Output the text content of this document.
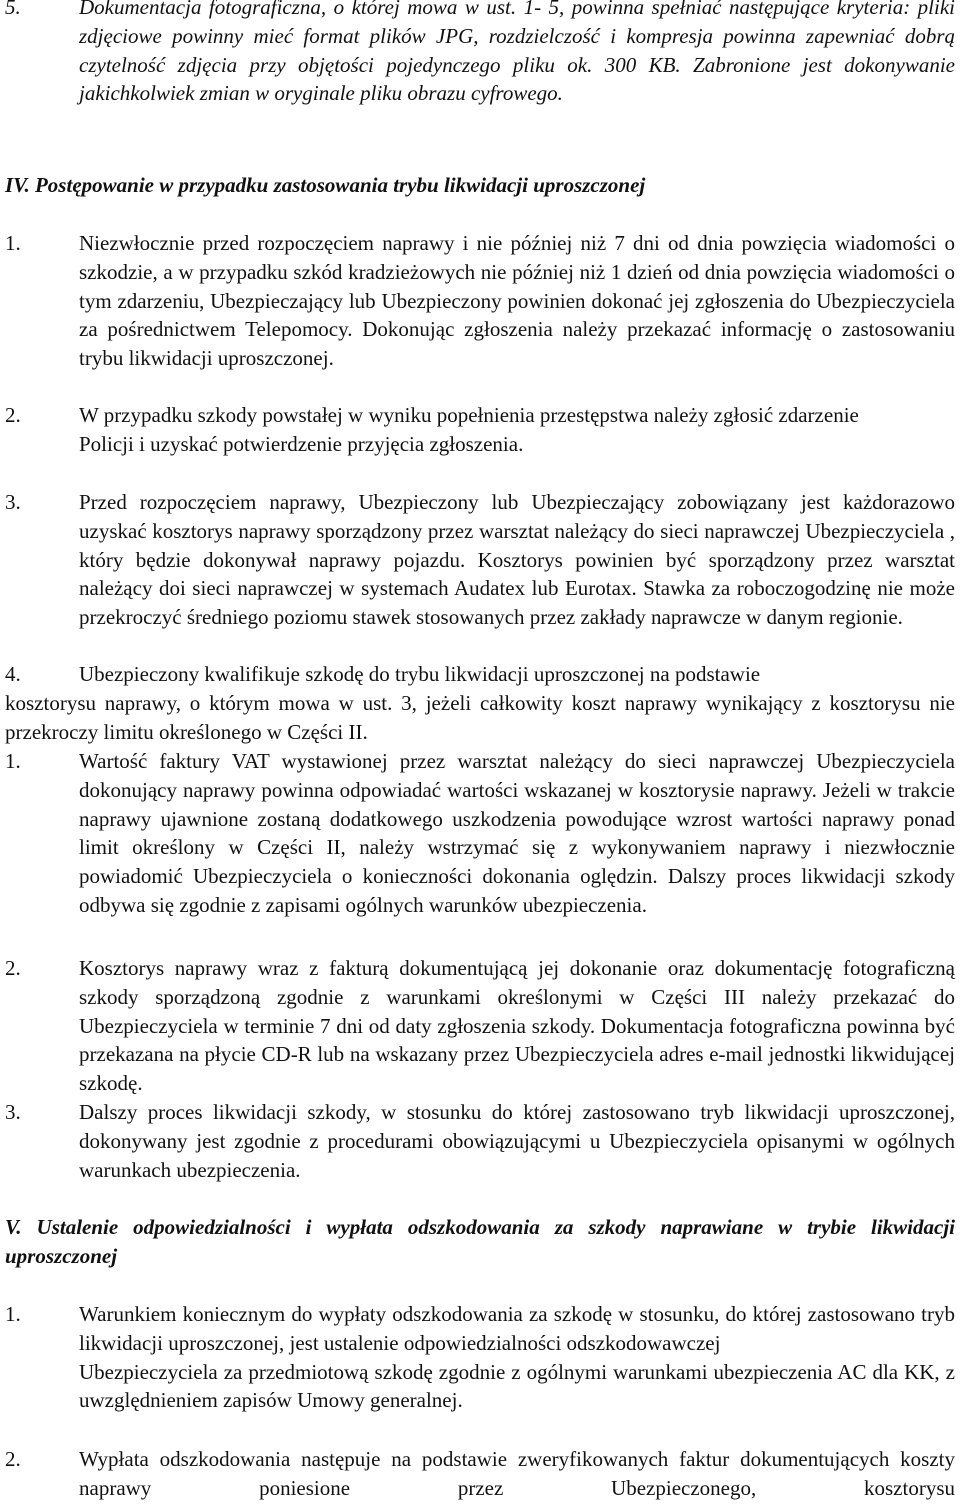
5.	Dokumentacja fotograficzna, o której mowa w ust. 1- 5, powinna spełniać następujące kryteria: pliki zdjęciowe powinny mieć format plików JPG, rozdzielczość i kompresja powinna zapewniać dobrą czytelność zdjęcia przy objętości pojedynczego pliku ok. 300 KB. Zabronione jest dokonywanie jakichkolwiek zmian w oryginale pliku obrazu cyfrowego.
IV. Postępowanie w przypadku zastosowania trybu likwidacji uproszczonej
1.	Niezwłocznie przed rozpoczęciem naprawy i nie później niż 7 dni od dnia powzięcia wiadomości o szkodzie, a w przypadku szkód kradzieżowych nie później niż 1 dzień od dnia powzięcia wiadomości o tym zdarzeniu, Ubezpieczający lub Ubezpieczony powinien dokonać jej zgłoszenia do Ubezpieczyciela za pośrednictwem Telepomocy. Dokonując zgłoszenia należy przekazać informację o zastosowaniu trybu likwidacji uproszczonej.
2.	W przypadku szkody powstałej w wyniku popełnienia przestępstwa należy zgłosić zdarzenie
Policji i uzyskać potwierdzenie przyjęcia zgłoszenia.
3.	Przed rozpoczęciem naprawy, Ubezpieczony lub Ubezpieczający zobowiązany jest każdorazowo uzyskać kosztorys naprawy sporządzony przez warsztat należący do sieci naprawczej Ubezpieczyciela , który będzie dokonywał naprawy pojazdu. Kosztorys powinien być sporządzony przez warsztat należący doi sieci naprawczej w systemach Audatex lub Eurotax. Stawka za roboczogodzinę nie może przekroczyć średniego poziomu stawek stosowanych przez zakłady naprawcze w danym regionie.
4.	Ubezpieczony kwalifikuje szkodę do trybu likwidacji uproszczonej na podstawie
kosztorysu naprawy, o którym mowa w ust. 3, jeżeli całkowity koszt naprawy wynikający z kosztorysu nie przekroczy limitu określonego w Części II.
1.	Wartość faktury VAT wystawionej przez warsztat należący do sieci naprawczej Ubezpieczyciela dokonujący naprawy powinna odpowiadać wartości wskazanej w kosztorysie naprawy. Jeżeli w trakcie naprawy ujawnione zostaną dodatkowego uszkodzenia powodujące wzrost wartości naprawy ponad limit określony w Części II, należy wstrzymać się z wykonywaniem naprawy i niezwłocznie powiadomić Ubezpieczyciela o konieczności dokonania oględzin. Dalszy proces likwidacji szkody odbywa się zgodnie z zapisami ogólnych warunków ubezpieczenia.
2.	Kosztorys naprawy wraz z fakturą dokumentującą jej dokonanie oraz dokumentację fotograficzną szkody sporządzoną zgodnie z warunkami określonymi w Części III należy przekazać do Ubezpieczyciela w terminie 7 dni od daty zgłoszenia szkody. Dokumentacja fotograficzna powinna być przekazana na płycie CD-R lub na wskazany przez Ubezpieczyciela adres e-mail jednostki likwidującej szkodę.
3.	Dalszy proces likwidacji szkody, w stosunku do której zastosowano tryb likwidacji uproszczonej, dokonywany jest zgodnie z procedurami obowiązującymi u Ubezpieczyciela opisanymi w ogólnych warunkach ubezpieczenia.
V. Ustalenie odpowiedzialności i wypłata odszkodowania za szkody naprawiane w trybie likwidacji uproszczonej
1.	Warunkiem koniecznym do wypłaty odszkodowania za szkodę w stosunku, do której zastosowano tryb likwidacji uproszczonej, jest ustalenie odpowiedzialności odszkodowawczej
Ubezpieczyciela za przedmiotową szkodę zgodnie z ogólnymi warunkami ubezpieczenia AC dla KK, z uwzględnieniem zapisów Umowy generalnej.
2.	Wypłata odszkodowania następuje na podstawie zweryfikowanych faktur dokumentujących koszty naprawy poniesione przez Ubezpieczonego, kosztorysu
